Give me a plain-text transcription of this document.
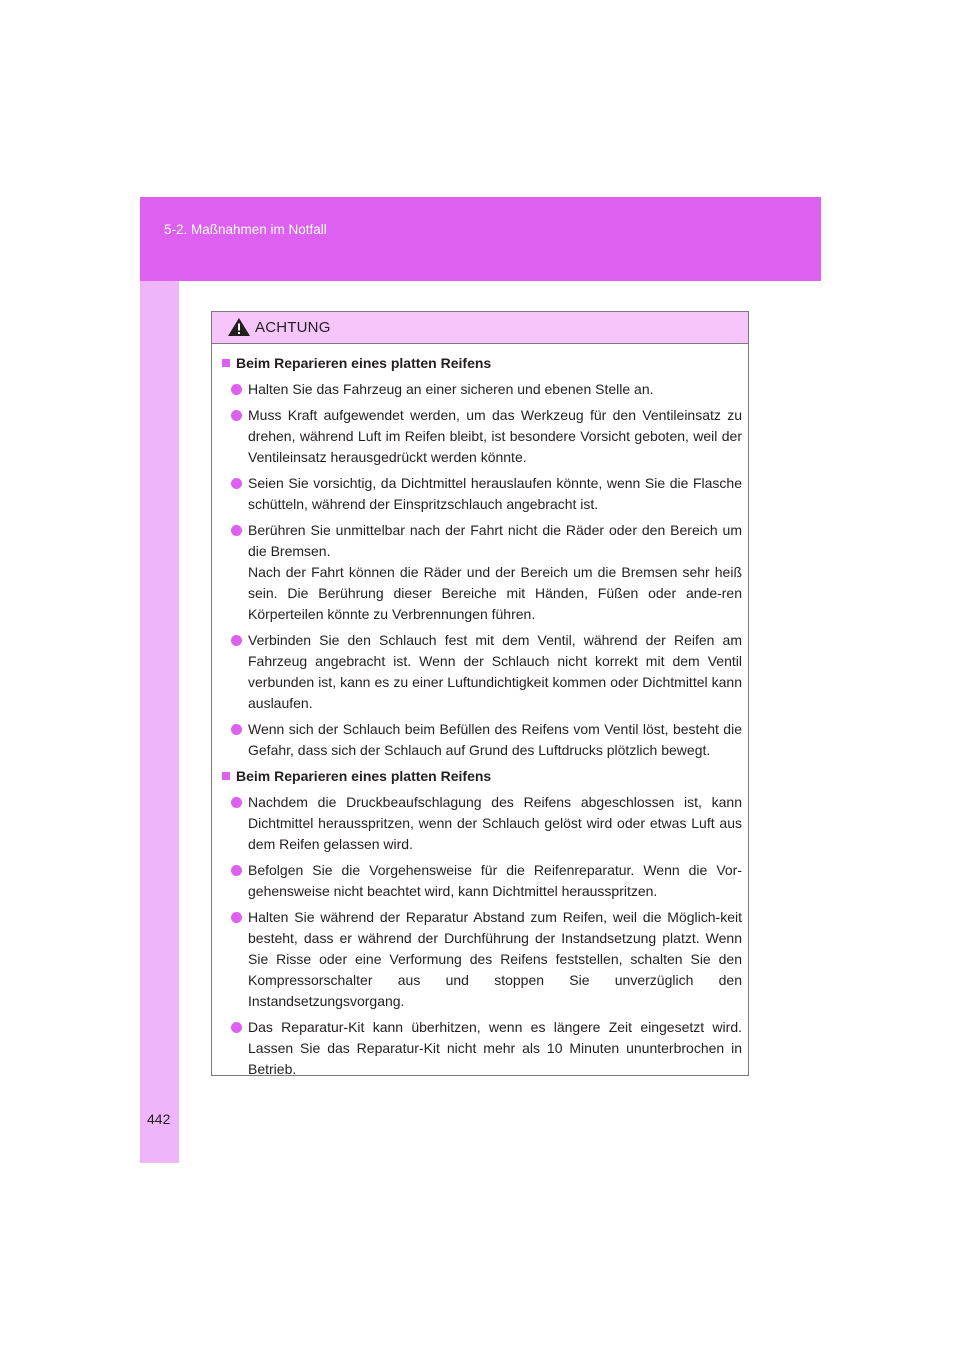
5-2. Maßnahmen im Notfall
442
ACHTUNG
Beim Reparieren eines platten Reifens

Halten Sie das Fahrzeug an einer sicheren und ebenen Stelle an.

Muss Kraft aufgewendet werden, um das Werkzeug für den Ventileinsatz zu drehen, während Luft im Reifen bleibt, ist besondere Vorsicht geboten, weil der Ventileinsatz herausgedrückt werden könnte.

Seien Sie vorsichtig, da Dichtmittel herauslaufen könnte, wenn Sie die Flasche schütteln, während der Einspritzschlauch angebracht ist.

Berühren Sie unmittelbar nach der Fahrt nicht die Räder oder den Bereich um die Bremsen.

Nach der Fahrt können die Räder und der Bereich um die Bremsen sehr heiß sein. Die Berührung dieser Bereiche mit Händen, Füßen oder ande-ren Körperteilen könnte zu Verbrennungen führen.

Verbinden Sie den Schlauch fest mit dem Ventil, während der Reifen am Fahrzeug angebracht ist. Wenn der Schlauch nicht korrekt mit dem Ventil verbunden ist, kann es zu einer Luftundichtigkeit kommen oder Dichtmittel kann auslaufen.

Wenn sich der Schlauch beim Befüllen des Reifens vom Ventil löst, besteht die Gefahr, dass sich der Schlauch auf Grund des Luftdrucks plötzlich bewegt.

Beim Reparieren eines platten Reifens

Nachdem die Druckbeaufschlagung des Reifens abgeschlossen ist, kann Dichtmittel herausspritzen, wenn der Schlauch gelöst wird oder etwas Luft aus dem Reifen gelassen wird.

Befolgen Sie die Vorgehensweise für die Reifenreparatur. Wenn die Vor-gehensweise nicht beachtet wird, kann Dichtmittel herausspritzen.

Halten Sie während der Reparatur Abstand zum Reifen, weil die Möglich-keit besteht, dass er während der Durchführung der Instandsetzung platzt. Wenn Sie Risse oder eine Verformung des Reifens feststellen, schalten Sie den Kompressorschalter aus und stoppen Sie unverzüglich den Instandsetzungsvorgang.

Das Reparatur-Kit kann überhitzen, wenn es längere Zeit eingesetzt wird. Lassen Sie das Reparatur-Kit nicht mehr als 10 Minuten ununterbrochen in Betrieb.
